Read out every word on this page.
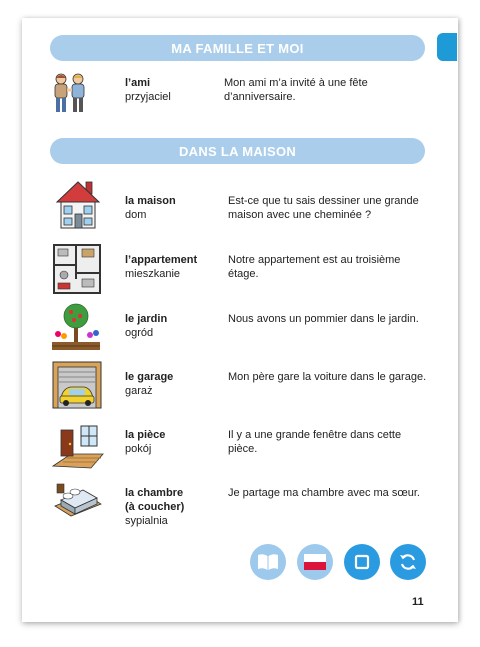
MA FAMILLE ET MOI
l’ami
przyjaciel
Mon ami m’a invité à une fête d’anniversaire.
DANS LA MAISON
la maison
dom
Est-ce que tu sais dessiner une grande maison avec une cheminée ?
l’appartement
mieszkanie
Notre appartement est au troisième étage.
le jardin
ogród
Nous avons un pommier dans le jardin.
le garage
garaż
Mon père gare la voiture dans le garage.
la pièce
pokój
Il y a une grande fenêtre dans cette pièce.
la chambre
(à coucher)
sypialnia
Je partage ma chambre avec ma sœur.
11
